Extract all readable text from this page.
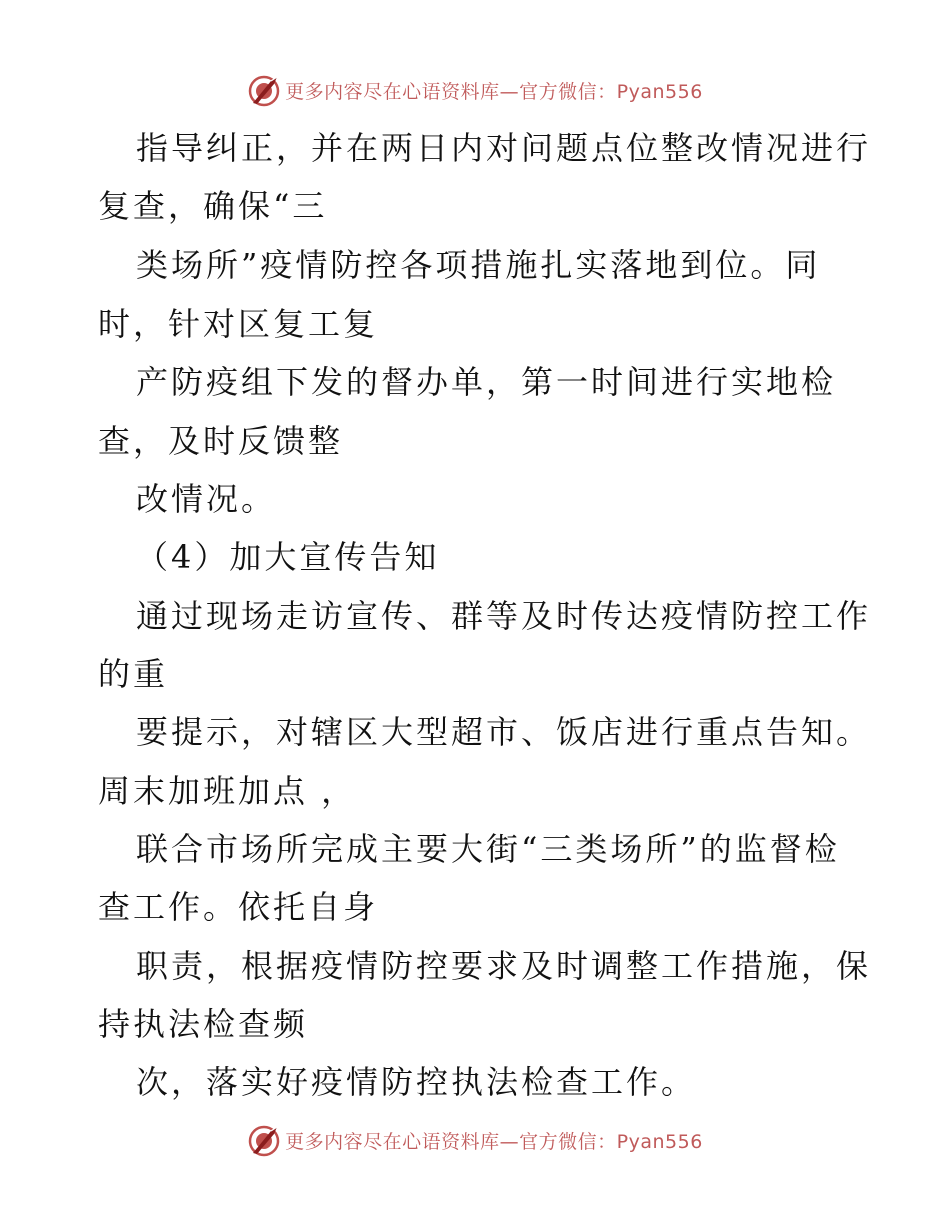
更多内容尽在心语资料库—官方微信：Pyan556
指导纠正，并在两日内对问题点位整改情况进行
复查，确保“三
类场所”疫情防控各项措施扎实落地到位。同
时，针对区复工复
产防疫组下发的督办单，第一时间进行实地检
查，及时反馈整
改情况。
（4）加大宣传告知
通过现场走访宣传、群等及时传达疫情防控工作
的重
要提示，对辖区大型超市、饭店进行重点告知。
周末加班加点 ，
联合市场所完成主要大街“三类场所”的监督检
查工作。依托自身
职责，根据疫情防控要求及时调整工作措施，保
持执法检查频
次，落实好疫情防控执法检查工作。
更多内容尽在心语资料库—官方微信：Pyan556
